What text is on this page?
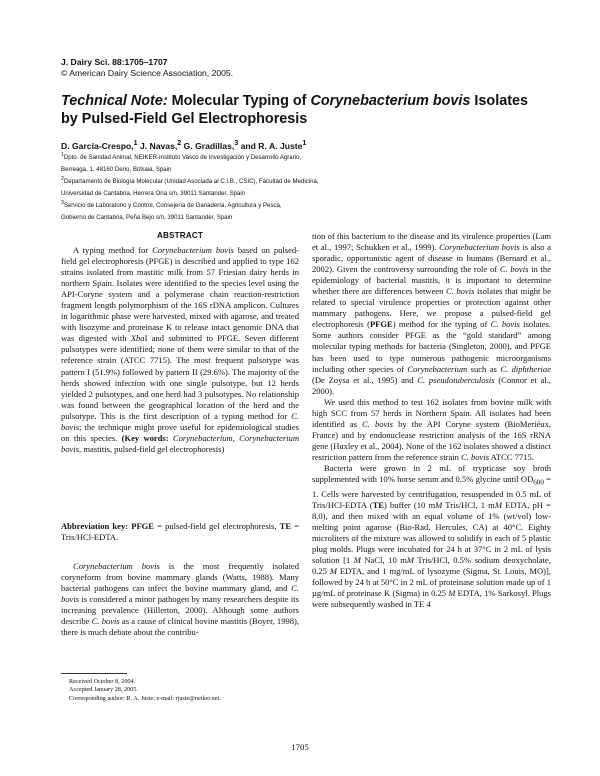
J. Dairy Sci. 88:1705–1707
© American Dairy Science Association, 2005.
Technical Note: Molecular Typing of Corynebacterium bovis Isolates by Pulsed-Field Gel Electrophoresis
D. García-Crespo,$^1$ J. Navas,$^2$ G. Gradillas,$^3$ and R. A. Juste$^1$
$^1$Dpto. de Sanidad Animal, NEIKER-Instituto Vasco de Investigación y Desarrollo Agrario,
Berreaga, 1. 48160 Derio, Bizkaia, Spain
$^2$Departamento de Biología Molecular (Unidad Asociada al C.I.B., CSIC), Facultad de Medicina,
Universidad de Cantabria, Herrera Oria s/n, 39011 Santander, Spain
$^3$Servicio de Laboratorio y Control, Consejería de Ganadería, Agricultura y Pesca,
Gobierno de Cantabria, Peña Bejo s/n, 39011 Santander, Spain
ABSTRACT

A typing method for Corynebacterium bovis based on pulsed-field gel electrophoresis (PFGE) is described and applied to type 162 strains isolated from mastitic milk from 57 Friesian dairy herds in northern Spain. Isolates were identified to the species level using the API-Coryne system and a polymerase chain reaction-restriction fragment length polymorphism of the 16S rDNA amplicon. Cultures in logarithmic phase were harvested, mixed with agarose, and treated with lisozyme and proteinase K to release intact genomic DNA that was digested with XbaI and submitted to PFGE. Seven different pulsotypes were identified; none of them were similar to that of the reference strain (ATCC 7715). The most frequent pulsotype was pattern I (51.9%) followed by pattern II (29.6%). The majority of the herds showed infection with one single pulsotype, but 12 herds yielded 2 pulsotypes, and one herd had 3 pulsotypes. No relationship was found between the geographical location of the herd and the pulsotype. This is the first description of a typing method for C. bovis; the technique might prove useful for epidemiological studies on this species. (Key words: Corynebacterium, Corynebacterium bovis, mastitis, pulsed-field gel electrophoresis)

Abbreviation key: PFGE = pulsed-field gel electrophoresis, TE = Tris/HCl-EDTA.

Corynebacterium bovis is the most frequently isolated coryneform from bovine mammary glands (Watts, 1988). Many bacterial pathogens can infect the bovine mammary gland, and C. bovis is considered a minor pathogen by many researchers despite its increasing prevalence (Hillerton, 2000). Although some authors describe C. bovis as a cause of clinical bovine mastitis (Boyer, 1998), there is much debate about the contribu-

tion of this bacterium to the disease and its virulence properties (Lam et al., 1997; Schukken et al., 1999). Corynebacterium bovis is also a sporadic, opportunistic agent of disease in humans (Bernard et al., 2002). Given the controversy surrounding the role of C. bovis in the epidemiology of bacterial mastitis, it is important to determine whether there are differences between C. bovis isolates that might be related to special virulence properties or protection against other mammary pathogens. Here, we propose a pulsed-field gel electrophoresis (PFGE) method for the typing of C. bovis isolates. Some authors consider PFGE as the “gold standard” among molecular typing methods for bacteria (Singleton, 2000), and PFGE has been used to type numerous pathogenic microorganisms including other species of Corynebacterium such as C. diphtheriae (De Zoysa et al., 1995) and C. pseudotuberculosis (Connor et al., 2000).

We used this method to test 162 isolates from bovine milk with high SCC from 57 herds in Northern Spain. All isolates had been identified as C. bovis by the API Coryne system (BioMeriéux, France) and by endonuclease restriction analysis of the 16S rRNA gene (Huxley et al., 2004). None of the 162 isolates showed a distinct restriction pattern from the reference strain C. bovis ATCC 7715.

Bacteria were grown in 2 mL of trypticase soy broth supplemented with 10% horse serum and 0.5% glycine until $OD_{600} = 1$. Cells were harvested by centrifugation, resuspended in 0.5 mL of Tris/HCl-EDTA (TE) buffer (10 mM Tris/HCl, 1 mM EDTA, pH = 8.0), and then mixed with an equal volume of 1% (wt/vol) low-melting point agarose (Bio-Rad, Hercules, CA) at 40°C. Eighty microliters of the mixture was allowed to solidify in each of 5 plastic plug molds. Plugs were incubated for 24 h at 37°C in 2 mL of lysis solution [1 M NaCl, 10 mM Tris/HCl, 0.5% sodium deoxycholate, 0.25 M EDTA, and 1 mg/mL of lysozyme (Sigma, St. Louis, MO)], followed by 24 h at 50°C in 2 mL of proteinase solution made up of 1 µg/mL of proteinase K (Sigma) in 0.25 M EDTA, 1% Sarkosyl. Plugs were subsequently washed in TE 4

Received October 8, 2004.
Accepted January 28, 2005.
Corresponding author: R. A. Juste; e-mail: rjuste@neiker.net.
1705
